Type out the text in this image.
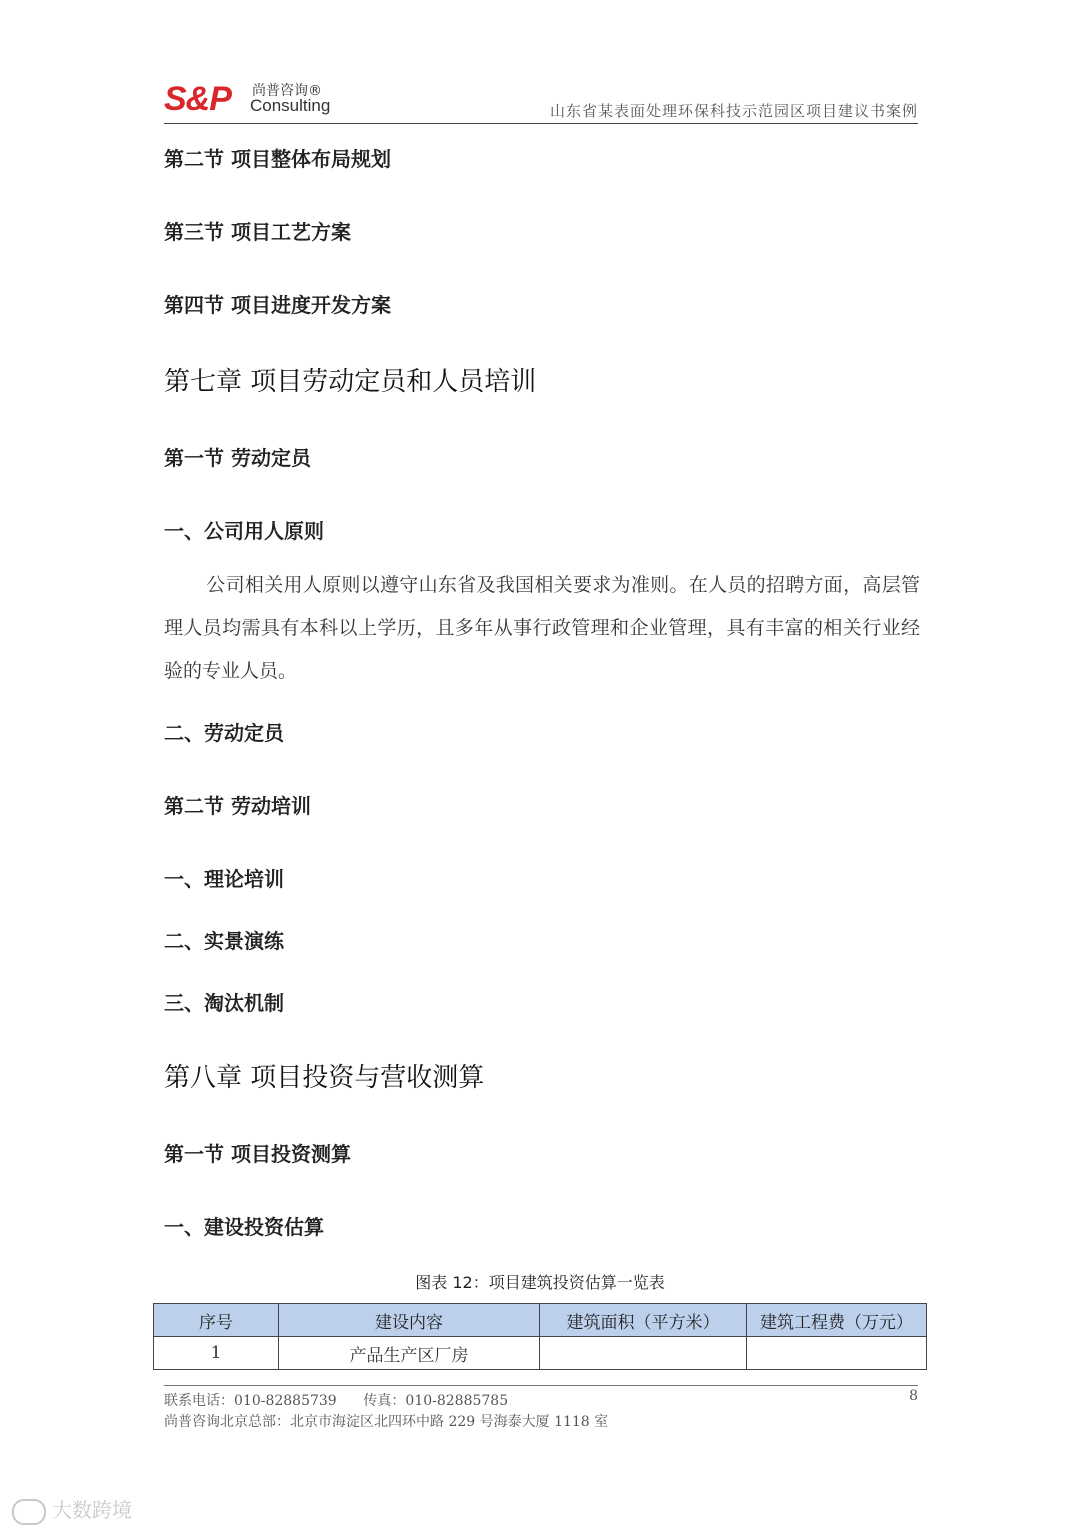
S&P 尚普咨询®
Consulting	山东省某表面处理环保科技示范园区项目建议书案例
第二节 项目整体布局规划
第三节 项目工艺方案
第四节 项目进度开发方案
第七章 项目劳动定员和人员培训
第一节 劳动定员
一、公司用人原则
公司相关用人原则以遵守山东省及我国相关要求为准则。在人员的招聘方面，高层管理人员均需具有本科以上学历，且多年从事行政管理和企业管理，具有丰富的相关行业经验的专业人员。
二、劳动定员
第二节 劳动培训
一、理论培训
二、实景演练
三、淘汰机制
第八章 项目投资与营收测算
第一节 项目投资测算
一、建设投资估算
图表 12：项目建筑投资估算一览表
序号	建设内容	建筑面积（平方米）	建筑工程费（万元）
1	产品生产区厂房		
联系电话：010-82885739      传真：010-82885785	8
尚普咨询北京总部：北京市海淀区北四环中路 229 号海泰大厦 1118 室
大数跨境
